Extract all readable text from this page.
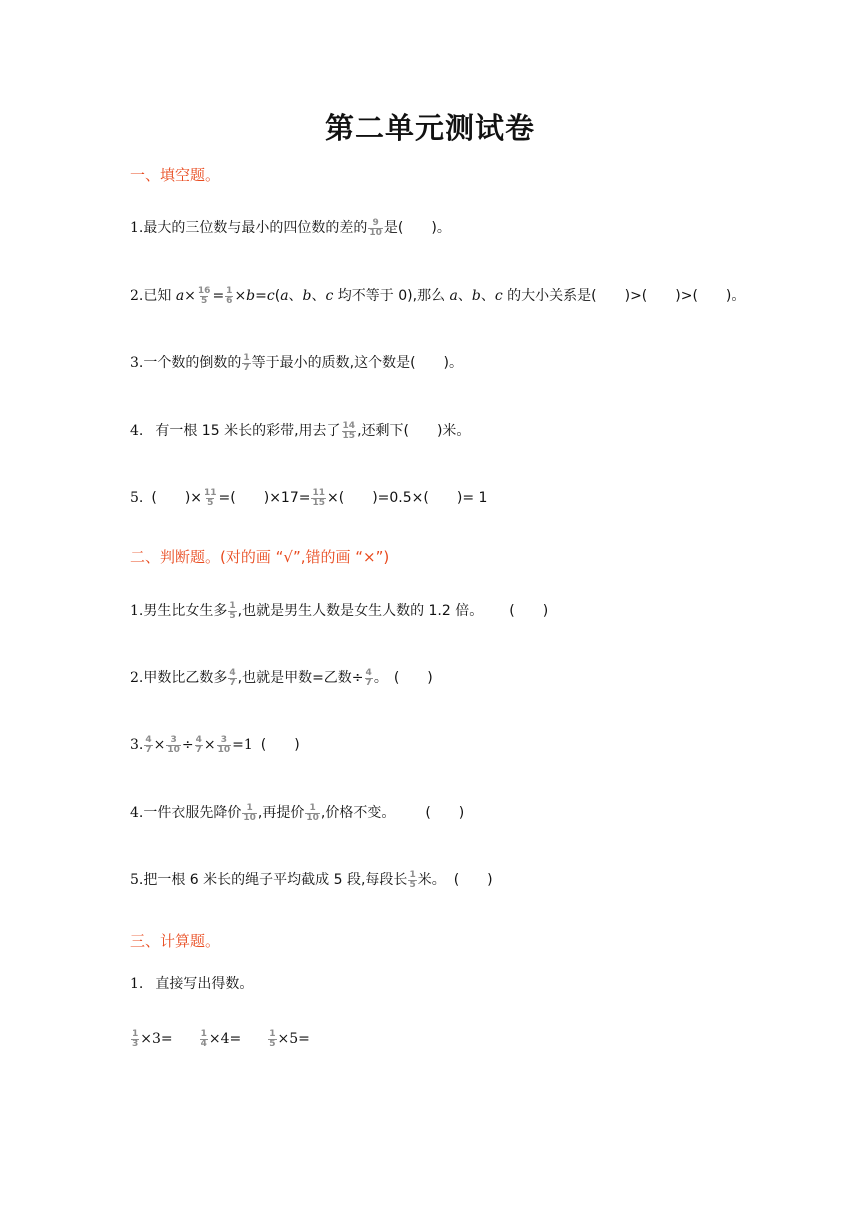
第二单元测试卷
一、填空题。
1.最大的三位数与最小的四位数的差的 $\frac{9}{10}$ 是(　　)。
2.已知 $a\times \frac{16}{5} = \frac{1}{6} \times b=c(a$、b、c 均不等于 0),那么 a、b、c 的大小关系是(　　)>(　　)>(　　)。
3.一个数的倒数的 $\frac{1}{7}$ 等于最小的质数,这个数是(　　)。
4. 有一根 15 米长的彩带,用去了 $\frac{14}{15}$ ,还剩下(　　)米。
5. (　　)× $\frac{11}{5}$ =(　　)$\times 17= \frac{11}{15}$ ×(　　)=0.5×(　　)= 1
二、判断题。(对的画 “√”,错的画 “×”)
1.男生比女生多 $\frac{1}{5}$ ,也就是男生人数是女生人数的 1.2 倍。 (　　)
2.甲数比乙数多 $\frac{4}{7}$ ,也就是甲数=乙数÷ $\frac{4}{7}$ 。 (　　)
3. $\frac{4}{7} \times \frac{3}{10} \div \frac{4}{7} \times \frac{3}{10} =1$ (　　)
4.一件衣服先降价 $\frac{1}{10}$ ,再提价 $\frac{1}{10}$ ,价格不变。 (　　)
5.把一根 6 米长的绳子平均截成 5 段,每段长 $\frac{1}{5}$ 米。 (　　)
三、计算题。
1. 直接写出得数。
$\frac{1}{3} \times 3=$	$\frac{1}{4} \times 4=$	$\frac{1}{5} \times 5=$
